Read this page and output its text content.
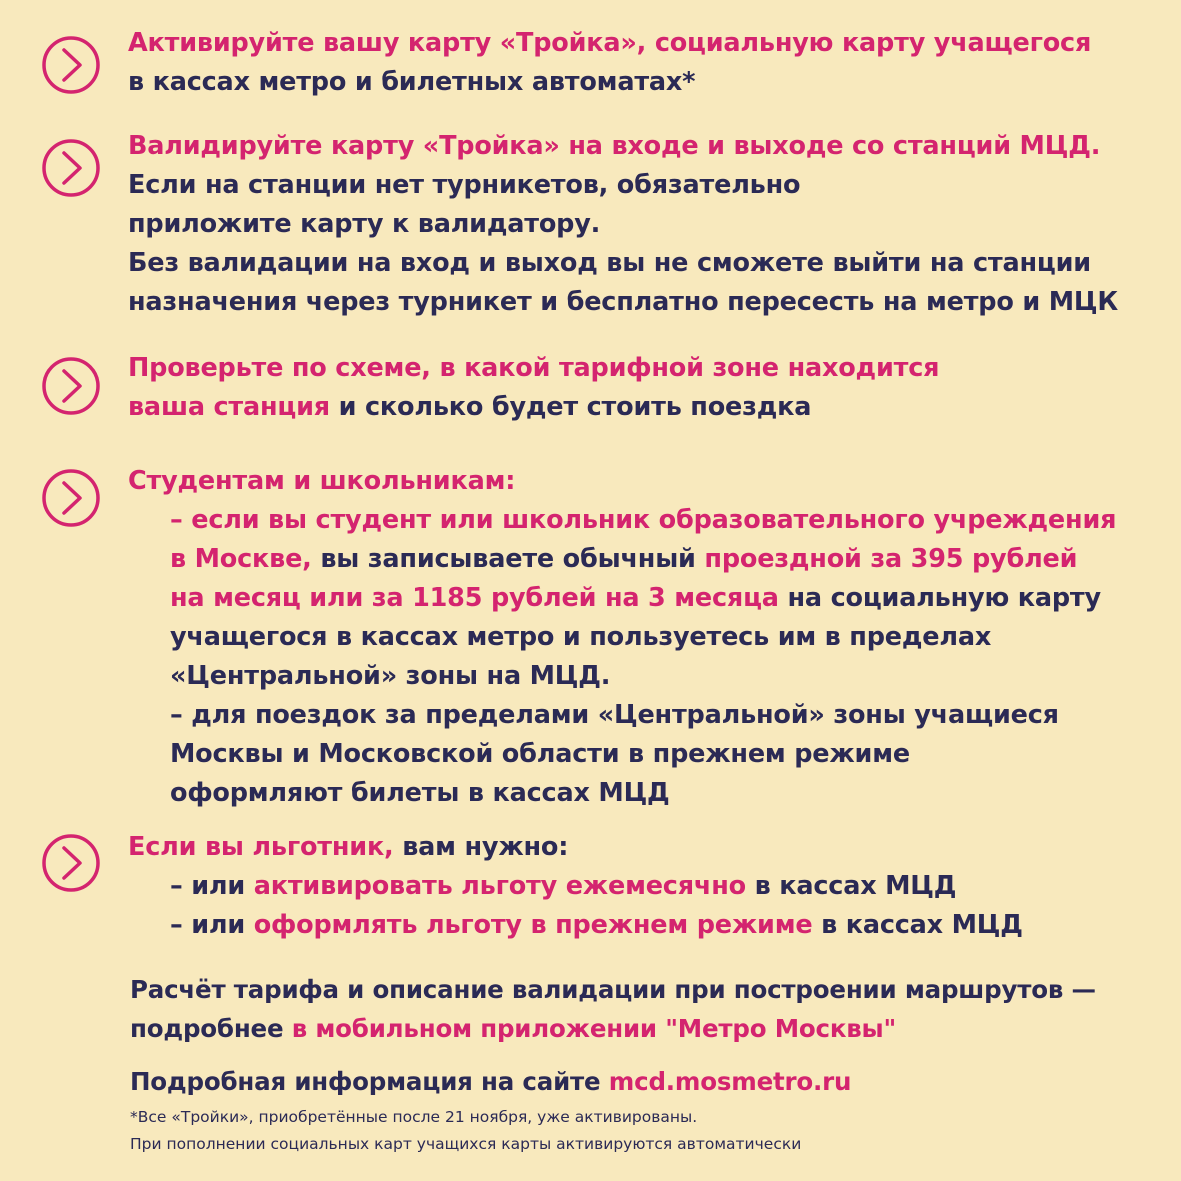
Активируйте вашу карту «Тройка», социальную карту учащегося
в кассах метро и билетных автоматах*
Валидируйте карту «Тройка» на входе и выходе со станций МЦД.
Если на станции нет турникетов, обязательно
приложите карту к валидатору.
Без валидации на вход и выход вы не сможете выйти на станции
назначения через турникет и бесплатно пересесть на метро и МЦК
Проверьте по схеме, в какой тарифной зоне находится
ваша станция и сколько будет стоить поездка
Студентам и школьникам:
– если вы студент или школьник образовательного учреждения
в Москве, вы записываете обычный проездной за 395 рублей
на месяц или за 1185 рублей на 3 месяца на социальную карту
учащегося в кассах метро и пользуетесь им в пределах
«Центральной» зоны на МЦД.
– для поездок за пределами «Центральной» зоны учащиеся
Москвы и Московской области в прежнем режиме
оформляют билеты в кассах МЦД
Если вы льготник, вам нужно:
– или активировать льготу ежемесячно в кассах МЦД
– или оформлять льготу в прежнем режиме в кассах МЦД
Расчёт тарифа и описание валидации при построении маршрутов —
подробнее в мобильном приложении "Метро Москвы"
Подробная информация на сайте mcd.mosmetro.ru
*Все «Тройки», приобретённые после 21 ноября, уже активированы.
При пополнении социальных карт учащихся карты активируются автоматически
